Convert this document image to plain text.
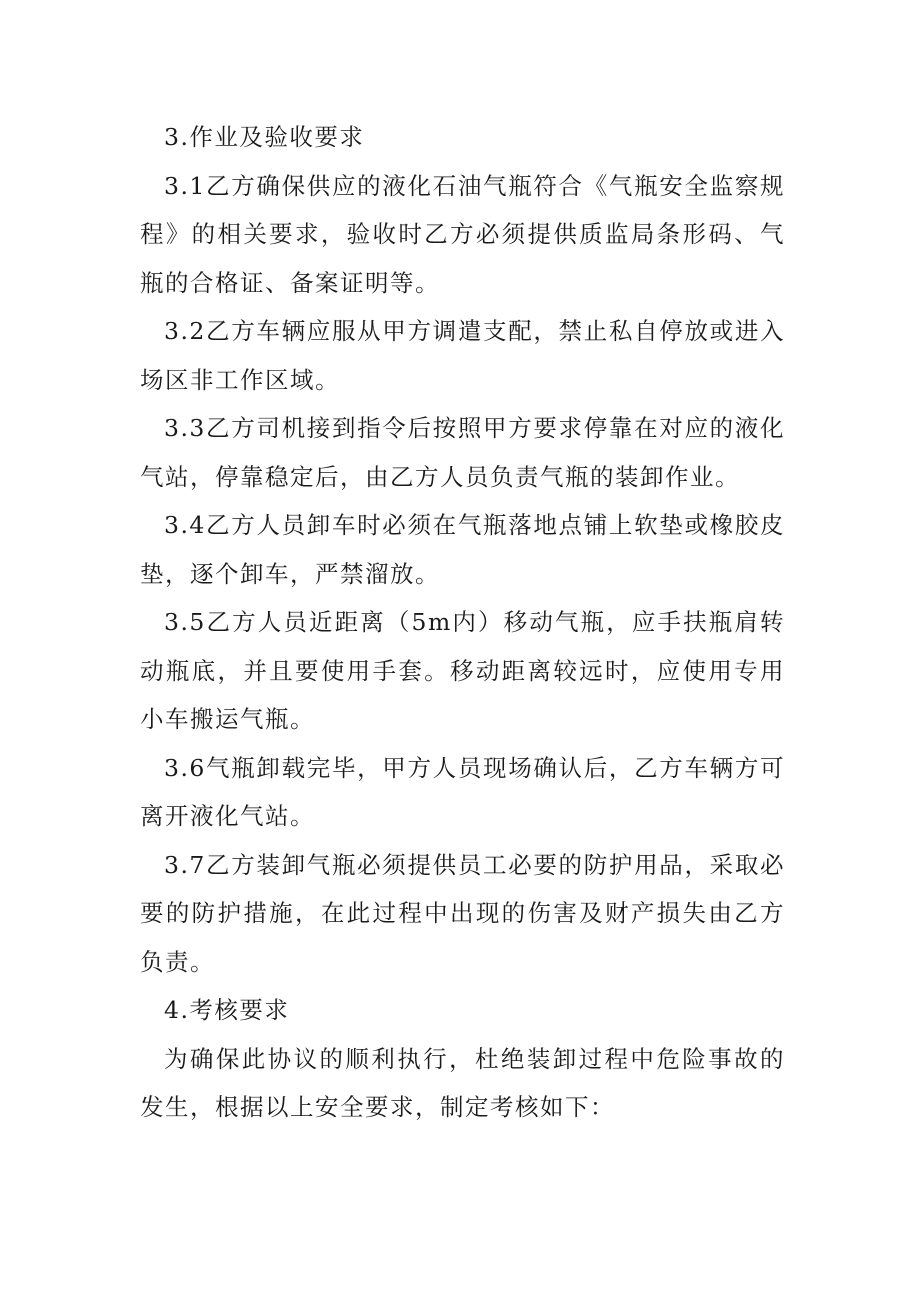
3.作业及验收要求

3.1乙方确保供应的液化石油气瓶符合《气瓶安全监察规程》的相关要求，验收时乙方必须提供质监局条形码、气瓶的合格证、备案证明等。

3.2乙方车辆应服从甲方调遣支配，禁止私自停放或进入场区非工作区域。

3.3乙方司机接到指令后按照甲方要求停靠在对应的液化气站，停靠稳定后，由乙方人员负责气瓶的装卸作业。

3.4乙方人员卸车时必须在气瓶落地点铺上软垫或橡胶皮垫，逐个卸车，严禁溜放。

3.5乙方人员近距离（5m内）移动气瓶，应手扶瓶肩转动瓶底，并且要使用手套。移动距离较远时，应使用专用小车搬运气瓶。

3.6气瓶卸载完毕，甲方人员现场确认后，乙方车辆方可离开液化气站。

3.7乙方装卸气瓶必须提供员工必要的防护用品，采取必要的防护措施，在此过程中出现的伤害及财产损失由乙方负责。

4.考核要求

为确保此协议的顺利执行，杜绝装卸过程中危险事故的发生，根据以上安全要求，制定考核如下：
